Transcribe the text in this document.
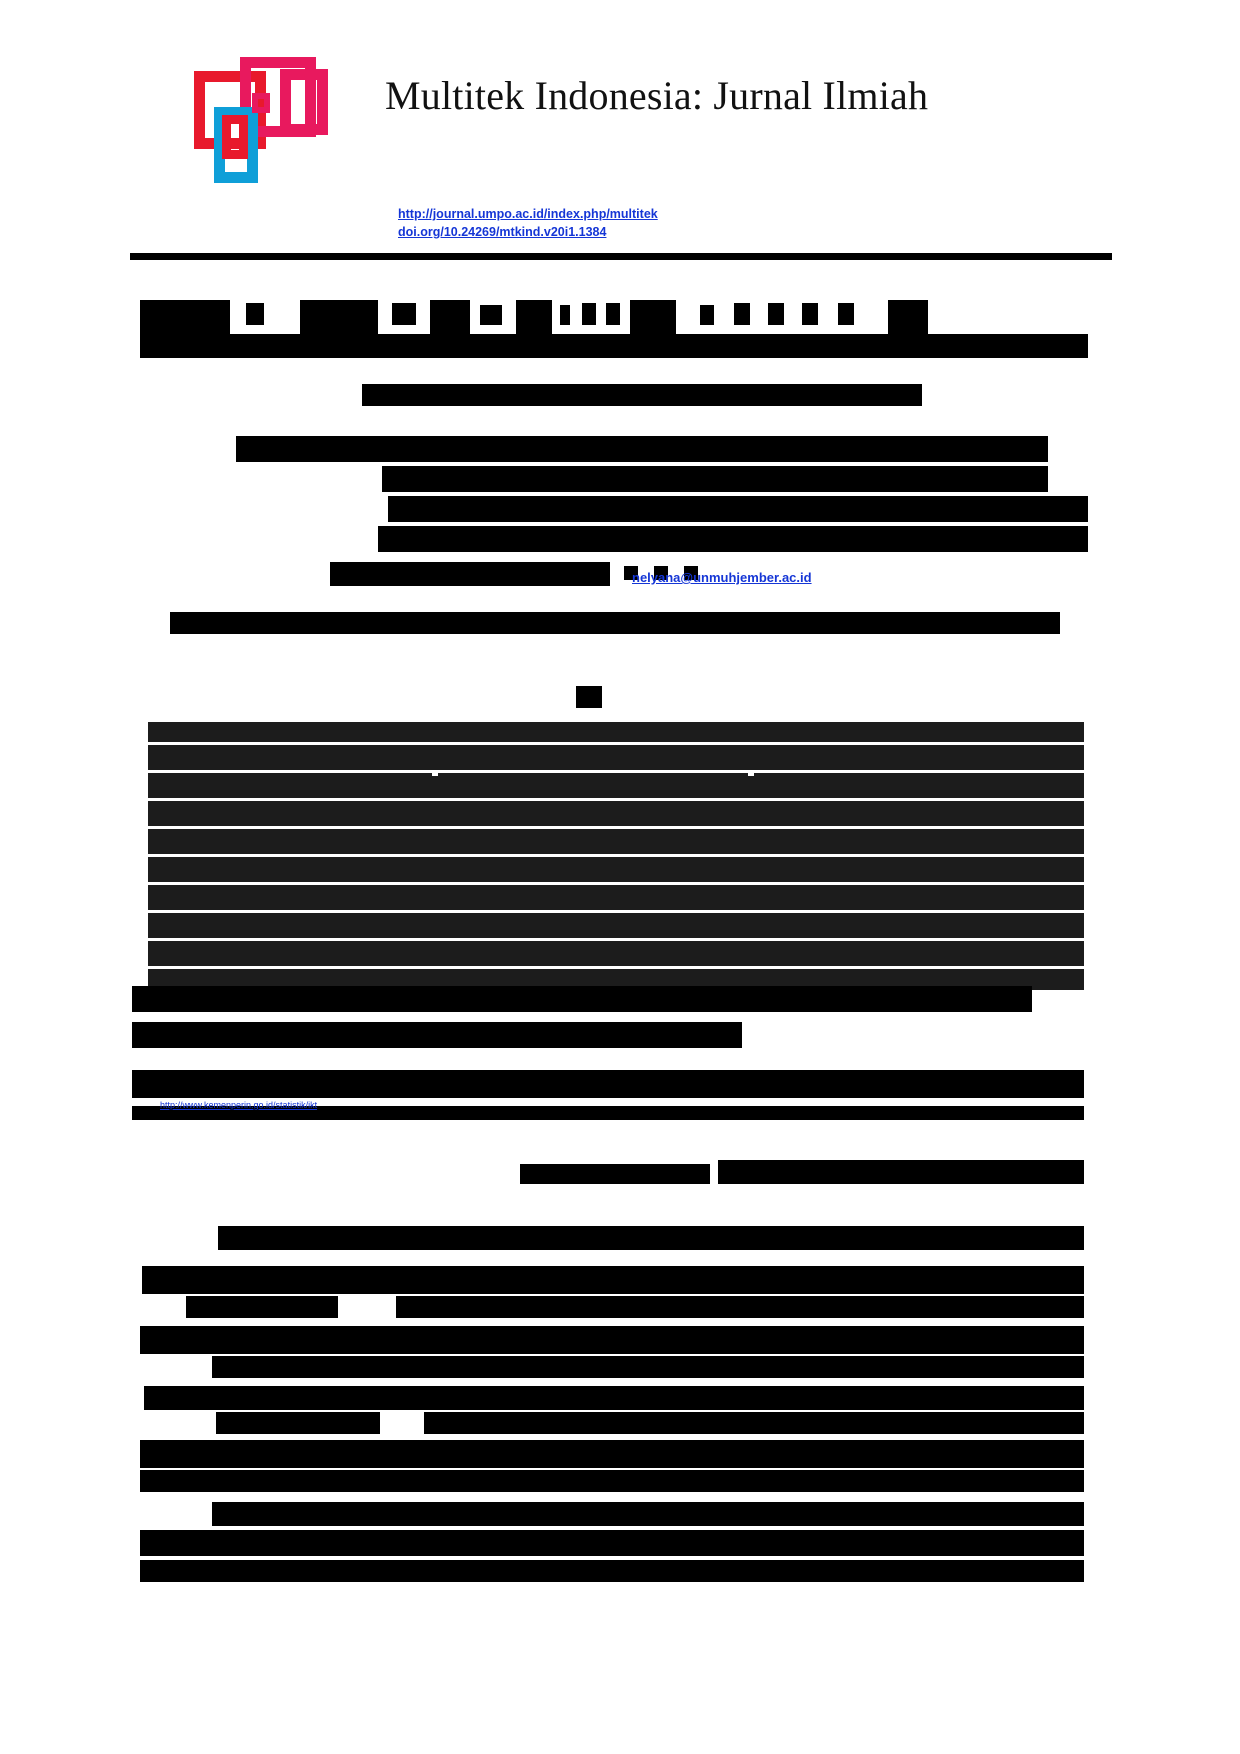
Multitek Indonesia: Jurnal Ilmiah
http://journal.umpo.ac.id/index.php/multitek
doi.org/10.24269/mtkind.v20i1.1384
nelyana@unmuhjember.ac.id
http://www.kemenperin.go.id/statistik/ikt
